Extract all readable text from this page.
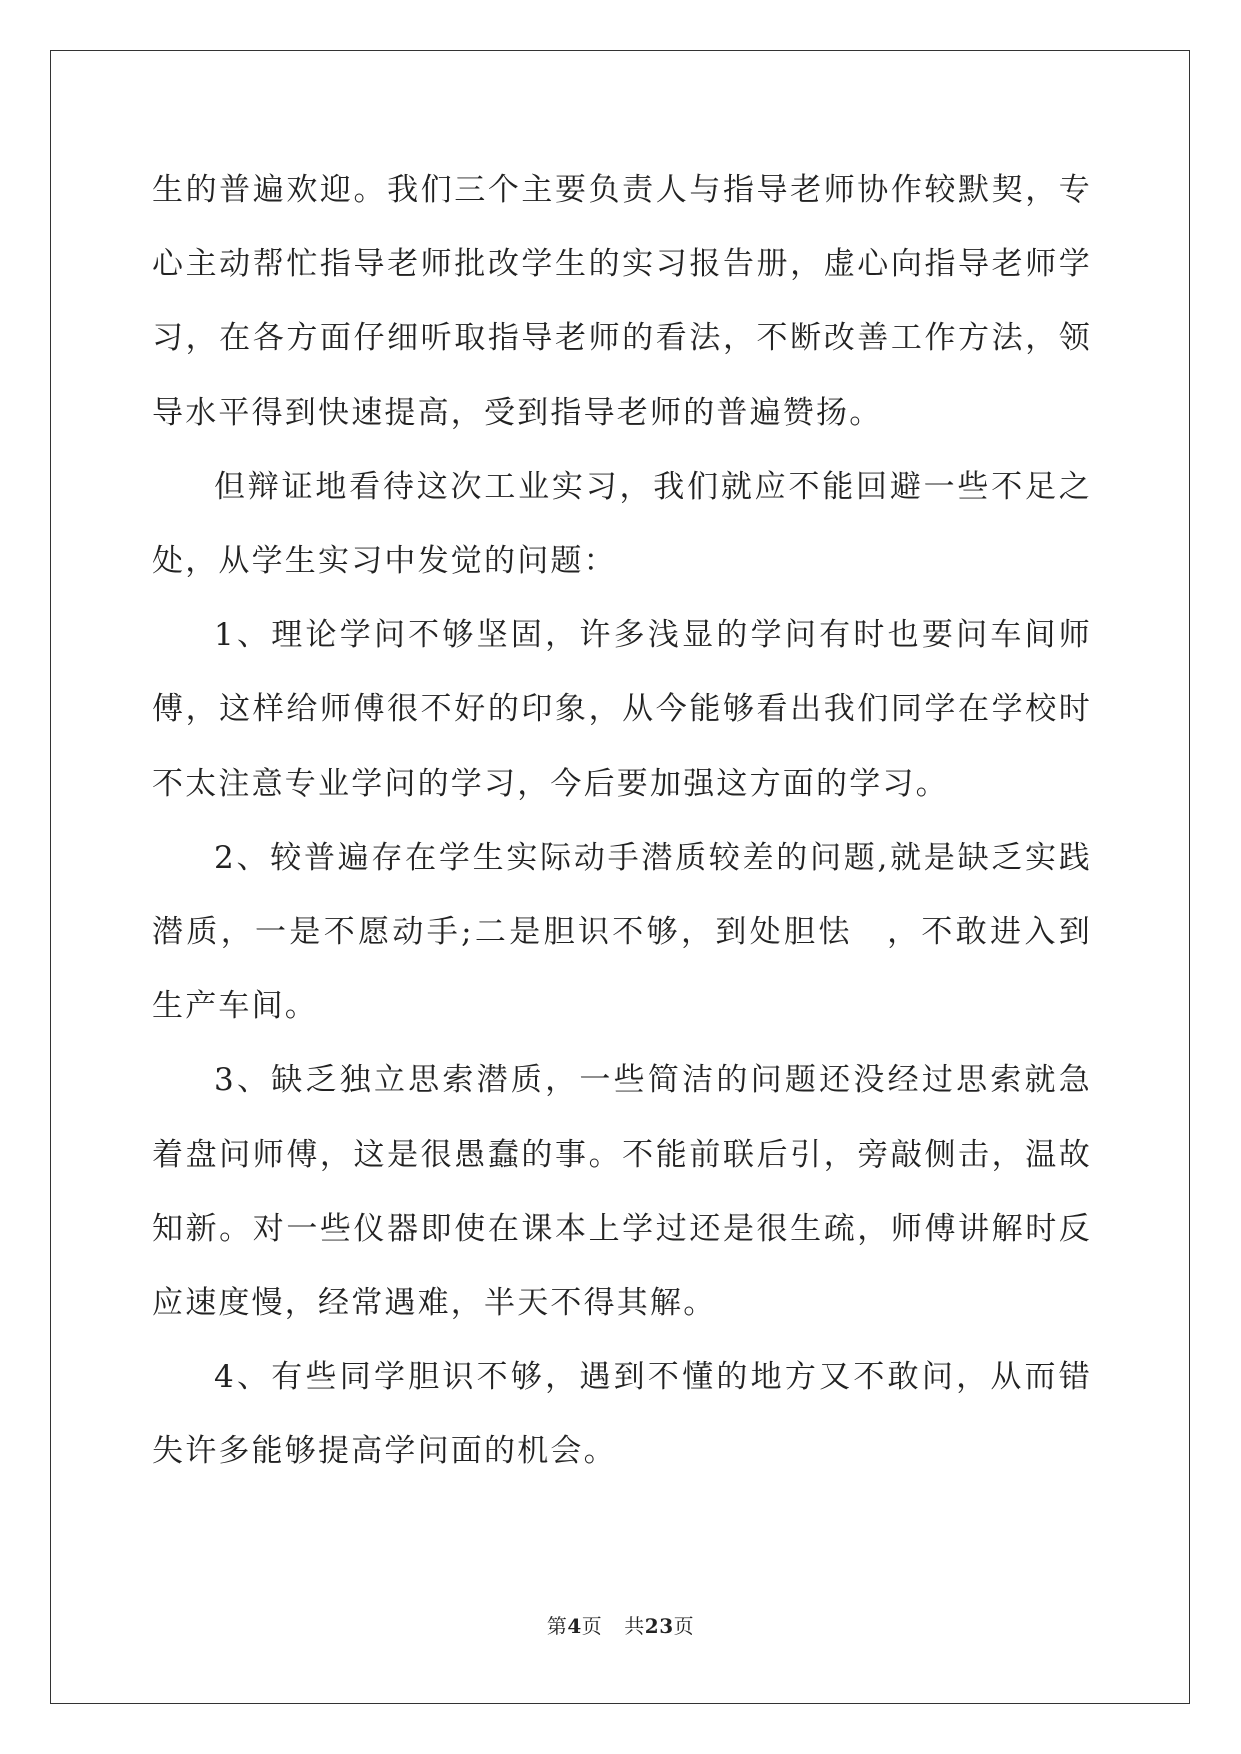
生的普遍欢迎。我们三个主要负责人与指导老师协作较默契，专心主动帮忙指导老师批改学生的实习报告册，虚心向指导老师学习，在各方面仔细听取指导老师的看法，不断改善工作方法，领导水平得到快速提高，受到指导老师的普遍赞扬。

但辩证地看待这次工业实习，我们就应不能回避一些不足之处，从学生实习中发觉的问题：

1、理论学问不够坚固，许多浅显的学问有时也要问车间师傅，这样给师傅很不好的印象，从今能够看出我们同学在学校时不太注意专业学问的学习，今后要加强这方面的学习。

2、较普遍存在学生实际动手潜质较差的问题,就是缺乏实践潜质，一是不愿动手;二是胆识不够，到处胆怯　，不敢进入到生产车间。

3、缺乏独立思索潜质，一些简洁的问题还没经过思索就急着盘问师傅，这是很愚蠢的事。不能前联后引，旁敲侧击，温故知新。对一些仪器即使在课本上学过还是很生疏，师傅讲解时反应速度慢，经常遇难，半天不得其解。

4、有些同学胆识不够，遇到不懂的地方又不敢问，从而错失许多能够提高学问面的机会。

第4页 共23页
